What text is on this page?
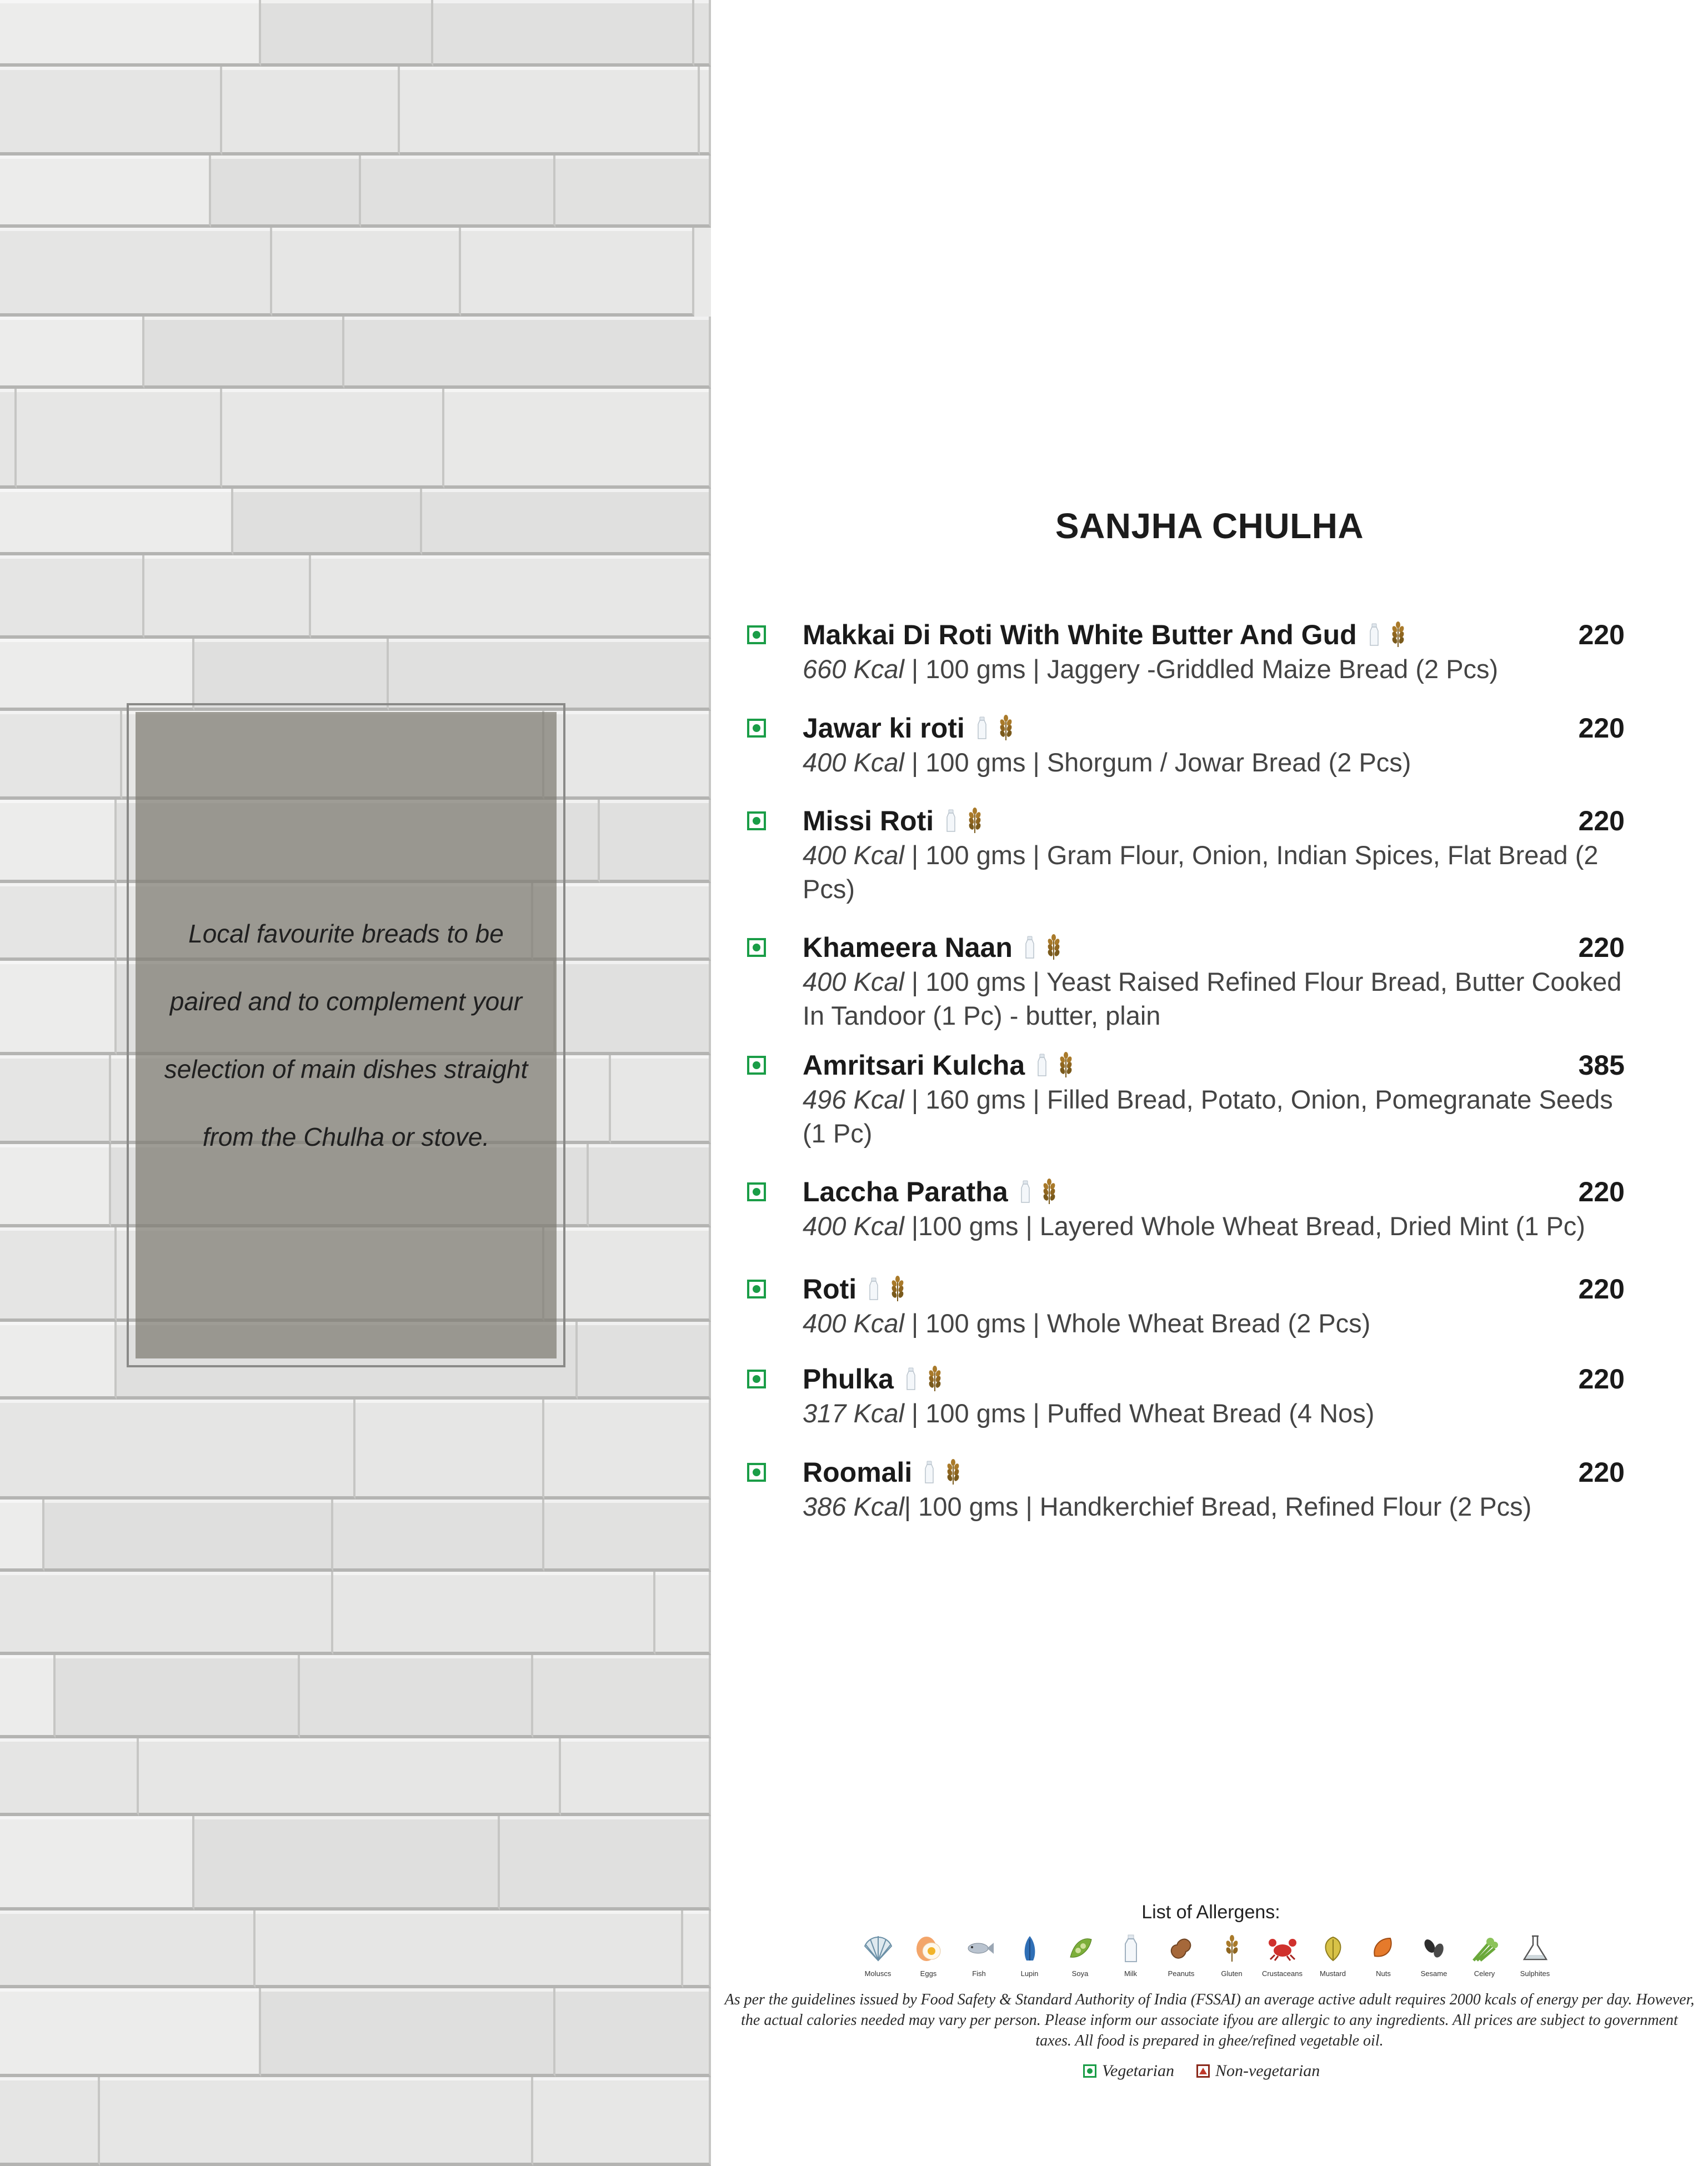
Local favourite breads to be paired and to complement your selection of main dishes straight from the Chulha or stove.
SANJHA CHULHA
Makkai Di Roti With White Butter And Gud	220
660 Kcal | 100 gms | Jaggery -Griddled Maize Bread (2 Pcs)
Jawar ki roti	220
400 Kcal | 100 gms | Shorgum / Jowar Bread (2 Pcs)
Missi Roti	220
400 Kcal | 100 gms | Gram Flour, Onion, Indian Spices, Flat Bread (2 Pcs)
Khameera Naan	220
400 Kcal | 100 gms | Yeast Raised Refined Flour Bread, Butter Cooked In Tandoor (1 Pc) - butter, plain
Amritsari Kulcha	385
496 Kcal | 160 gms | Filled Bread, Potato, Onion, Pomegranate Seeds (1 Pc)
Laccha Paratha	220
400 Kcal |100 gms | Layered Whole Wheat Bread, Dried Mint (1 Pc)
Roti	220
400 Kcal | 100 gms | Whole Wheat Bread (2 Pcs)
Phulka	220
317 Kcal | 100 gms | Puffed Wheat Bread (4 Nos)
Roomali	220
386 Kcal| 100 gms | Handkerchief Bread, Refined Flour (2 Pcs)
List of Allergens:
Moluscs	Eggs	Fish	Lupin	Soya	Milk	Peanuts	Gluten	Crustaceans	Mustard	Nuts	Sesame	Celery	Sulphites
As per the guidelines issued by Food Safety & Standard Authority of India (FSSAI) an average active adult requires 2000 kcals of energy per day. However, the actual calories needed may vary per person. Please inform our associate ifyou are allergic to any ingredients. All prices are subject to government taxes. All food is prepared in ghee/refined vegetable oil.
Vegetarian Non-vegetarian
